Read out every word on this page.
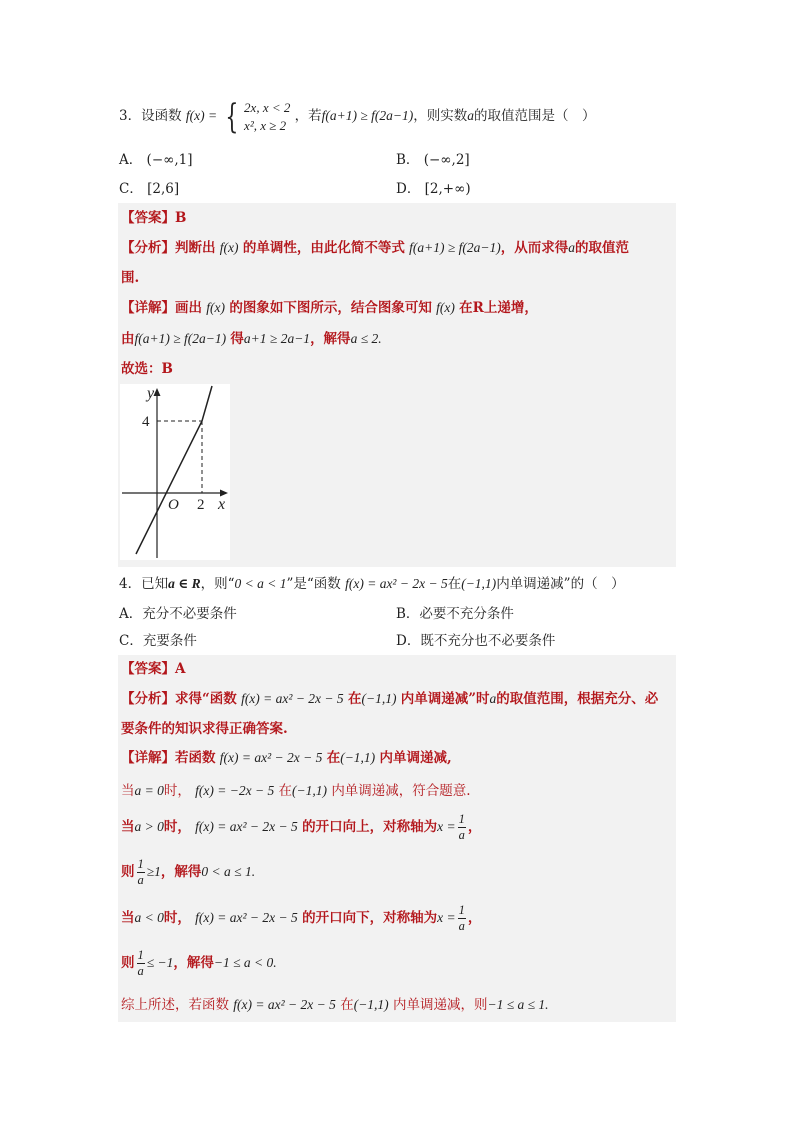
3．设函数 f(x) = { 2x, x < 2
x², x ≥ 2
，若f(a+1) ≥ f(2a−1)，则实数a的取值范围是（　）
A． (−∞,1]	B． (−∞,2]
C． [2,6]	D． [2,+∞)
【答案】B
【分析】判断出 f(x) 的单调性，由此化简不等式 f(a+1) ≥ f(2a−1)，从而求得a的取值范
围.
【详解】画出 f(x) 的图象如下图所示，结合图象可知 f(x) 在R上递增，
由f(a+1) ≥ f(2a−1) 得a+1 ≥ 2a−1，解得a ≤ 2.
故选：B
y
x
O
4
2
4．已知a ∈ R，则“0 < a < 1”是“函数 f(x) = ax² − 2x − 5在(−1,1)内单调递减”的（　）
A．充分不必要条件	B．必要不充分条件
C．充要条件	D．既不充分也不必要条件
【答案】A
【分析】求得“函数 f(x) = ax² − 2x − 5 在(−1,1) 内单调递减”时a的取值范围，根据充分、必
要条件的知识求得正确答案.
【详解】若函数 f(x) = ax² − 2x − 5 在(−1,1) 内单调递减,
当a = 0时， f(x) = −2x − 5 在(−1,1) 内单调递减，符合题意.
当a > 0时， f(x) = ax² − 2x − 5 的开口向上，对称轴为$x = \frac{1}{a}$ ，
则 $\frac{1}{a} \ge 1$，解得0 < a ≤ 1.
当a < 0时， f(x) = ax² − 2x − 5 的开口向下，对称轴为$x = \frac{1}{a}$ ，
则 $\frac{1}{a} \le -1$，解得−1 ≤ a < 0.
综上所述，若函数 f(x) = ax² − 2x − 5 在(−1,1) 内单调递减，则−1 ≤ a ≤ 1.
